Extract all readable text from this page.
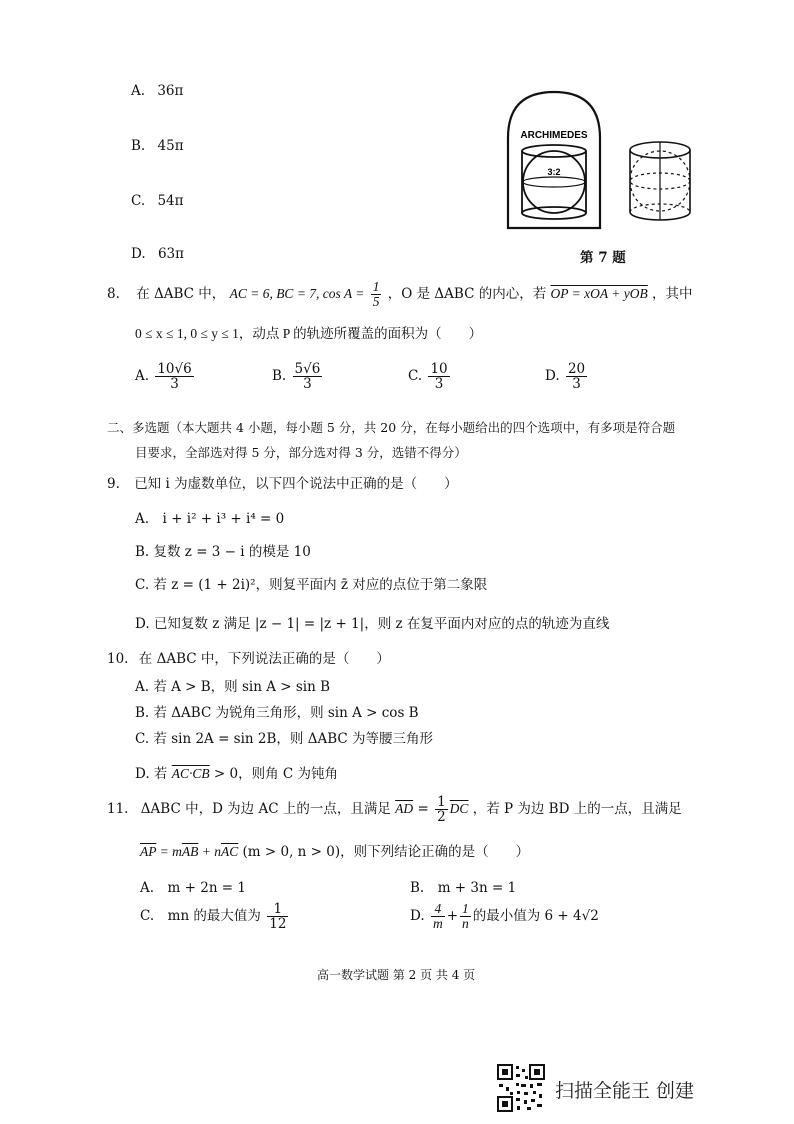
A. 36π
B. 45π
C. 54π
D. 63π
ARCHIMEDES
3:2
第 7 题
8. 在 ΔABC 中， AC = 6, BC = 7, $\cos A = \frac{1}{5}$ ，O 是 ΔABC 的内心，若 OP = xOA + yOB ，其中
0 ≤ x ≤ 1, 0 ≤ y ≤ 1，动点 P 的轨迹所覆盖的面积为（　　）
A. $\frac{10√6}{3}$	B. $\frac{5√6}{3}$	C. $\frac{10}{3}$	D. $\frac{20}{3}$
二、多选题（本大题共 4 小题，每小题 5 分，共 20 分，在每小题给出的四个选项中，有多项是符合题
目要求，全部选对得 5 分，部分选对得 3 分，选错不得分）
9. 已知 i 为虚数单位，以下四个说法中正确的是（　　）
A.　i + i² + i³ + i⁴ = 0
B. 复数 z = 3 − i 的模是 10
C. 若 z = (1 + 2i)²，则复平面内 z̄ 对应的点位于第二象限
D. 已知复数 z 满足 |z − 1| = |z + 1|，则 z 在复平面内对应的点的轨迹为直线
10. 在 ΔABC 中，下列说法正确的是（　　）
A. 若 A > B，则 sin A > sin B
B. 若 ΔABC 为锐角三角形，则 sin A > cos B
C. 若 sin 2A = sin 2B，则 ΔABC 为等腰三角形
D. 若 AC·CB > 0，则角 C 为钝角
11. ΔABC 中，D 为边 AC 上的一点，且满足 $\overline{AD} = \frac{1}{2} \overline{DC}$ ，若 P 为边 BD 上的一点，且满足
$\overline{AP} = m\overline{AB} + n\overline{AC}$ (m > 0, n > 0)，则下列结论正确的是（　　）
A.　m + 2n = 1	B.　m + 3n = 1
C.　mn 的最大值为 $\frac{1}{12}$	D. $\frac{4}{m} + \frac{1}{n}$ 的最小值为 6 + 4√2
高一数学试题 第 2 页 共 4 页
扫描全能王 创建
